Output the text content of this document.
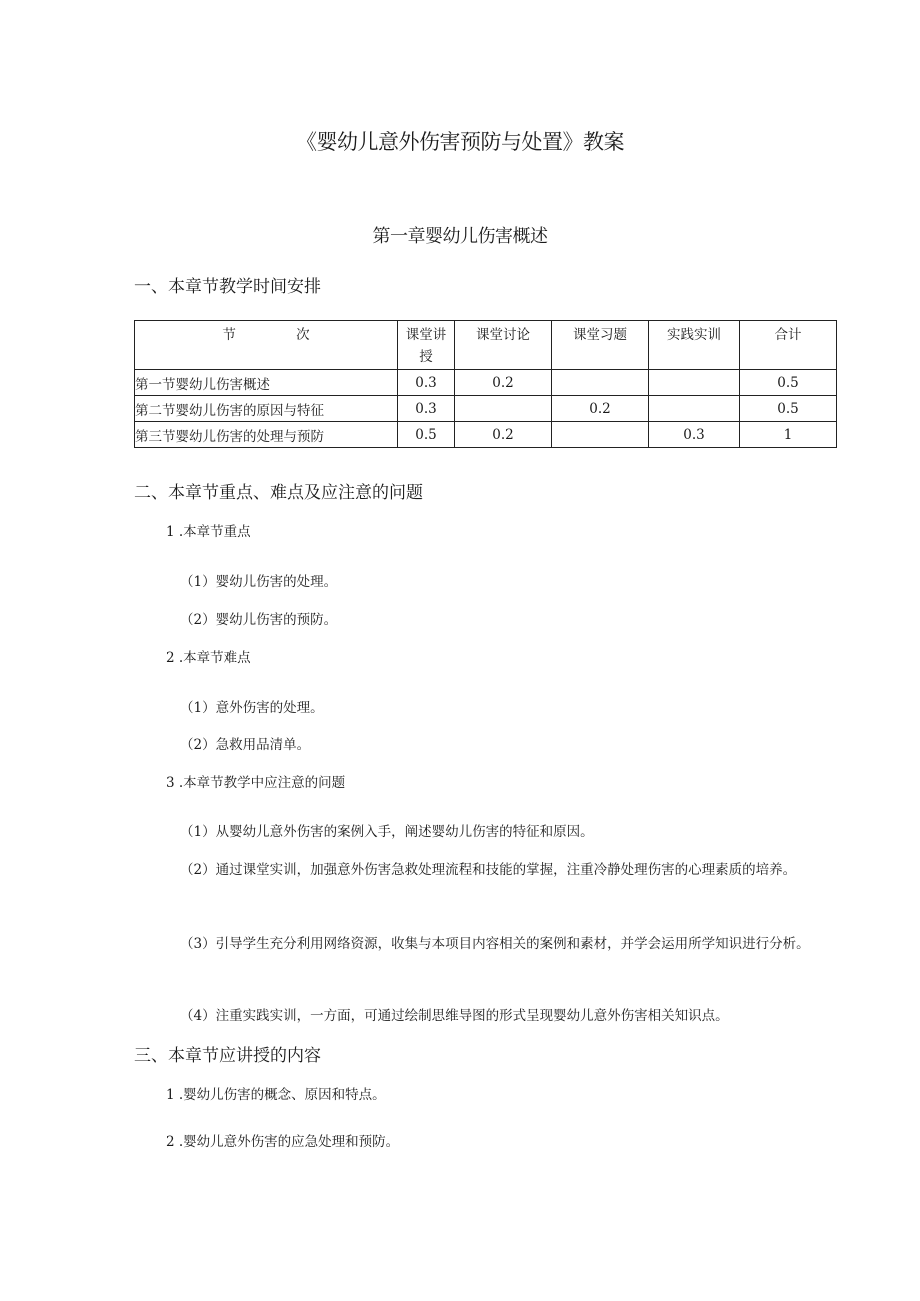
《婴幼儿意外伤害预防与处置》教案
第一章婴幼儿伤害概述
一、本章节教学时间安排
节 次	课堂讲授	课堂讨论	课堂习题	实践实训	合计

第一节婴幼儿伤害概述	0.3	0.2			0.5
第二节婴幼儿伤害的原因与特征	0.3		0.2		0.5
第三节婴幼儿伤害的处理与预防	0.5	0.2		0.3	1
二、本章节重点、难点及应注意的问题
1 .本章节重点
（1）婴幼儿伤害的处理。
（2）婴幼儿伤害的预防。
2 .本章节难点
（1）意外伤害的处理。
（2）急救用品清单。
3 .本章节教学中应注意的问题
（1）从婴幼儿意外伤害的案例入手，阐述婴幼儿伤害的特征和原因。
（2）通过课堂实训，加强意外伤害急救处理流程和技能的掌握，注重冷静处理伤害的心理素质的培养。
（3）引导学生充分利用网络资源，收集与本项目内容相关的案例和素材，并学会运用所学知识进行分析。
（4）注重实践实训，一方面，可通过绘制思维导图的形式呈现婴幼儿意外伤害相关知识点。
三、本章节应讲授的内容
1 .婴幼儿伤害的概念、原因和特点。
2 .婴幼儿意外伤害的应急处理和预防。
